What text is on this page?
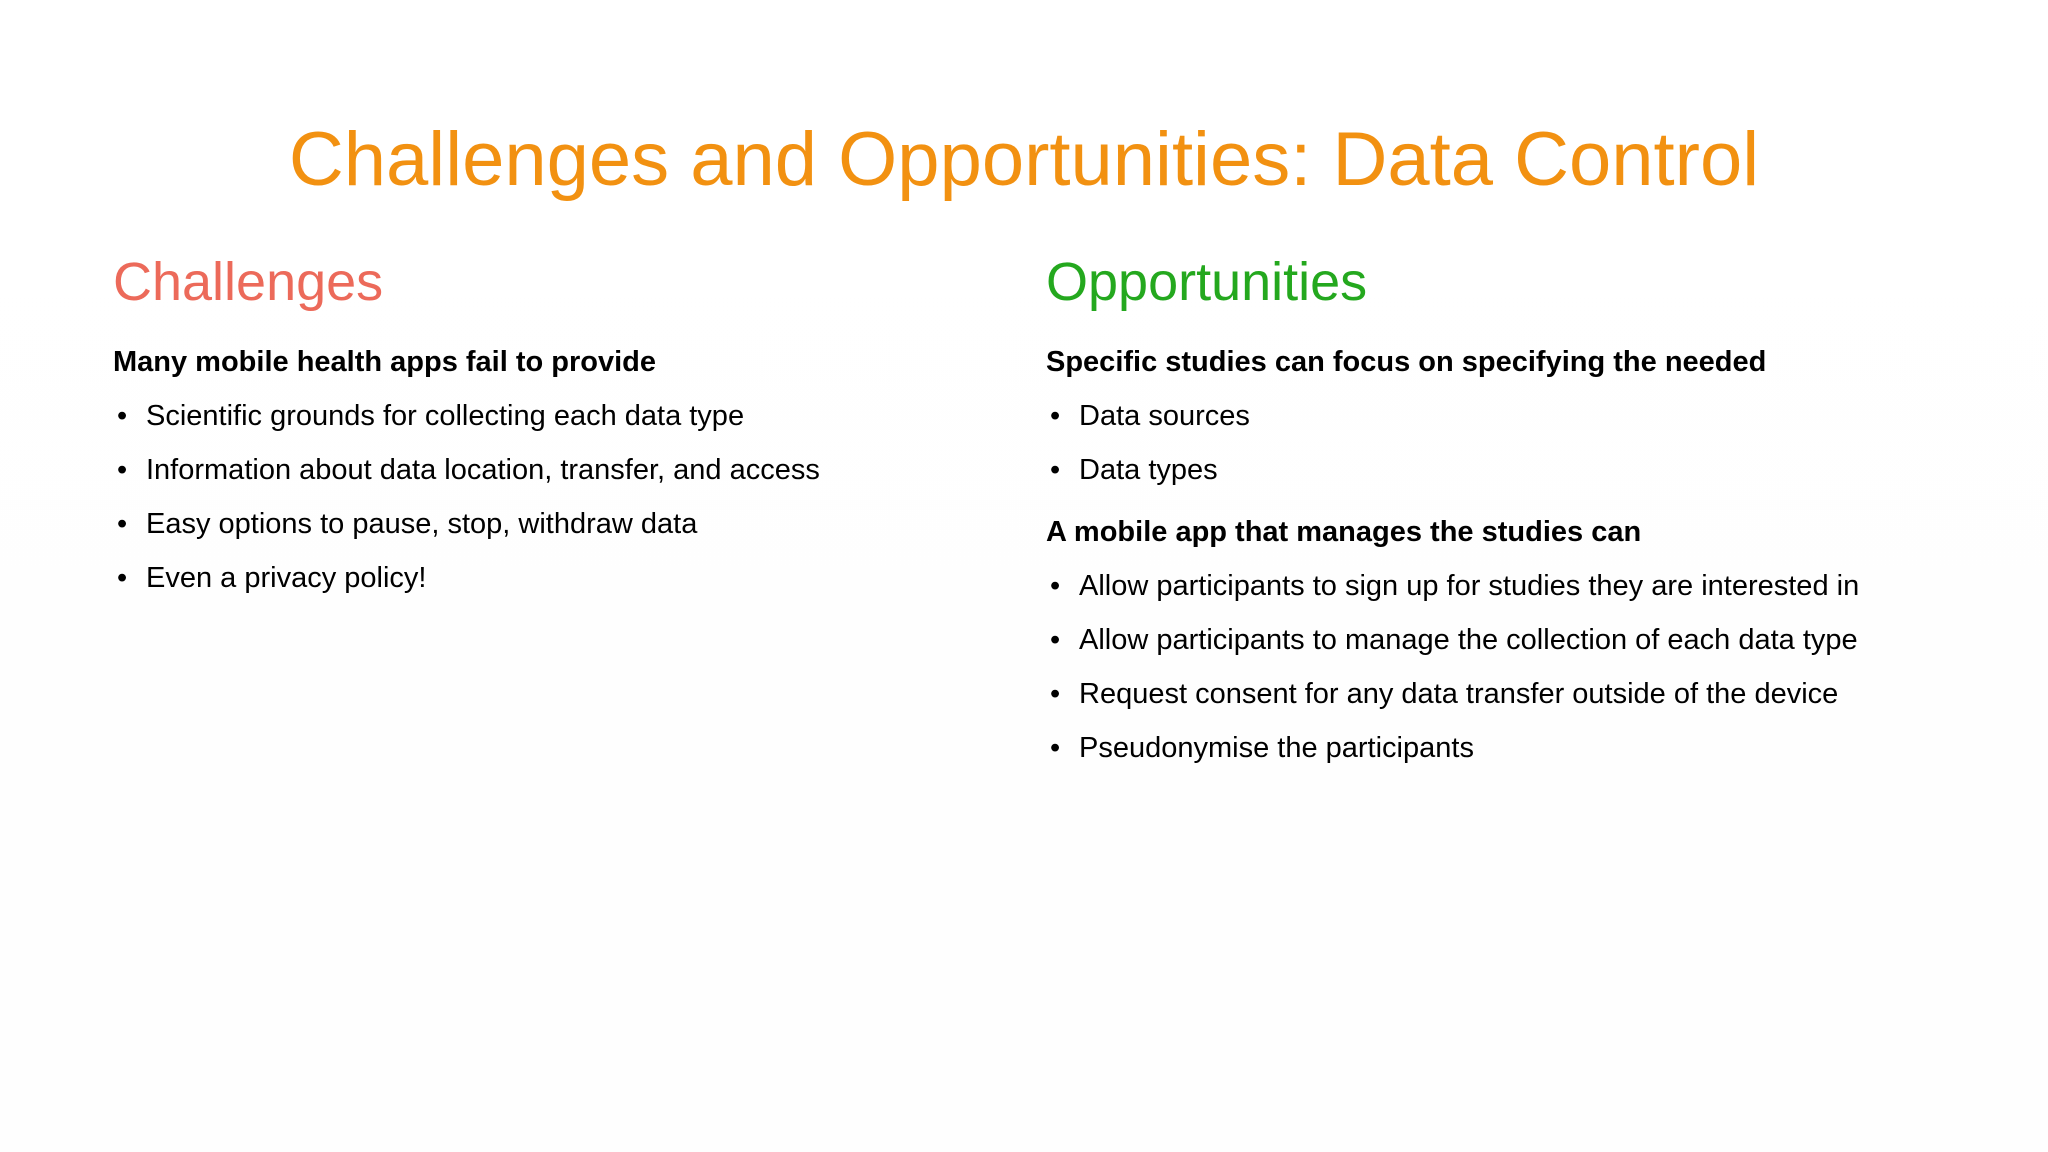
Challenges and Opportunities: Data Control
Challenges

Many mobile health apps fail to provide

• Scientific grounds for collecting each data type
• Information about data location, transfer, and access
• Easy options to pause, stop, withdraw data
• Even a privacy policy!
Opportunities

Specific studies can focus on specifying the needed

• Data sources
• Data types

A mobile app that manages the studies can

• Allow participants to sign up for studies they are interested in
• Allow participants to manage the collection of each data type
• Request consent for any data transfer outside of the device
• Pseudonymise the participants
